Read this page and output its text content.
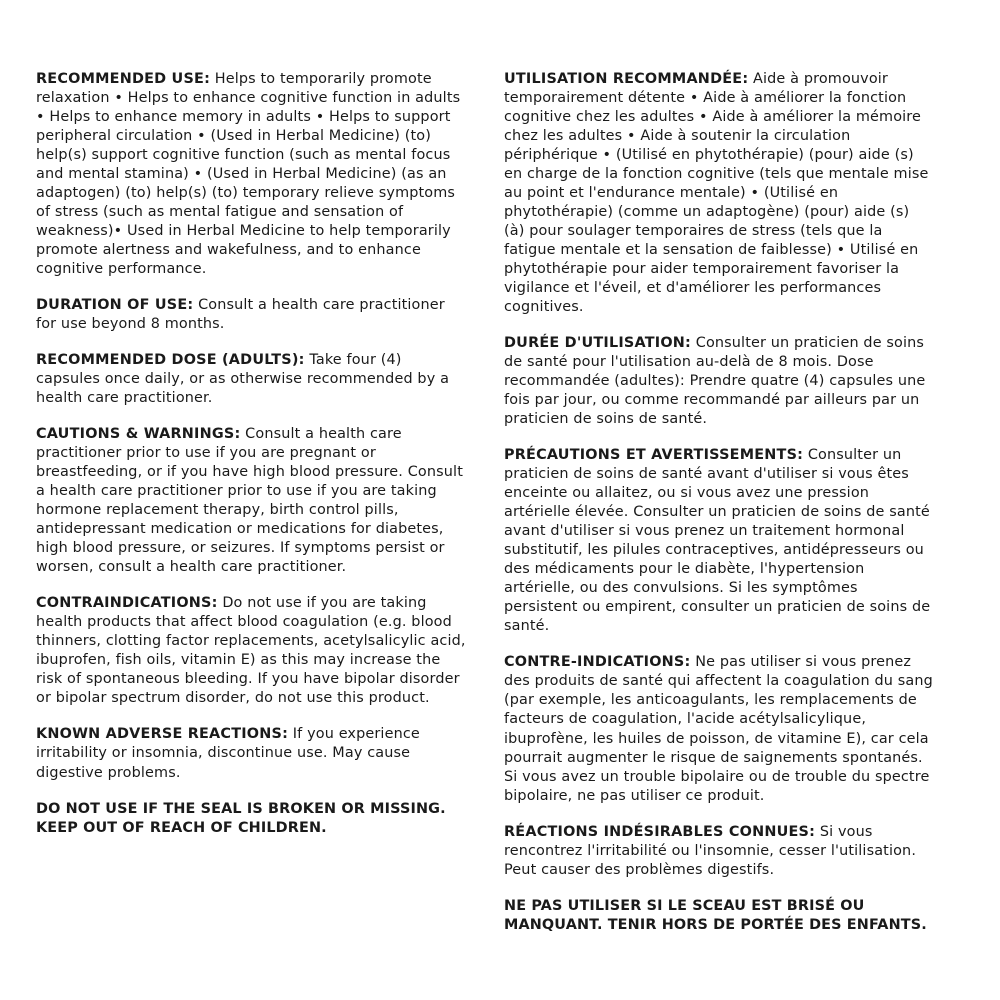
RECOMMENDED USE: Helps to temporarily promote relaxation • Helps to enhance cognitive function in adults • Helps to enhance memory in adults • Helps to support peripheral circulation • (Used in Herbal Medicine) (to) help(s) support cognitive function (such as mental focus and mental stamina) • (Used in Herbal Medicine) (as an adaptogen) (to) help(s) (to) temporary relieve symptoms of stress (such as mental fatigue and sensation of weakness)• Used in Herbal Medicine to help temporarily promote alertness and wakefulness, and to enhance cognitive performance.

DURATION OF USE: Consult a health care practitioner for use beyond 8 months.

RECOMMENDED DOSE (ADULTS): Take four (4) capsules once daily, or as otherwise recommended by a health care practitioner.

CAUTIONS & WARNINGS: Consult a health care practitioner prior to use if you are pregnant or breastfeeding, or if you have high blood pressure. Consult a health care practitioner prior to use if you are taking hormone replacement therapy, birth control pills, antidepressant medication or medications for diabetes, high blood pressure, or seizures. If symptoms persist or worsen, consult a health care practitioner.

CONTRAINDICATIONS: Do not use if you are taking health products that affect blood coagulation (e.g. blood thinners, clotting factor replacements, acetylsalicylic acid, ibuprofen, fish oils, vitamin E) as this may increase the risk of spontaneous bleeding. If you have bipolar disorder or bipolar spectrum disorder, do not use this product.

KNOWN ADVERSE REACTIONS: If you experience irritability or insomnia, discontinue use. May cause digestive problems.

DO NOT USE IF THE SEAL IS BROKEN OR MISSING. KEEP OUT OF REACH OF CHILDREN.

UTILISATION RECOMMANDÉE: Aide à promouvoir temporairement détente • Aide à améliorer la fonction cognitive chez les adultes • Aide à améliorer la mémoire chez les adultes • Aide à soutenir la circulation périphérique • (Utilisé en phytothérapie) (pour) aide (s) en charge de la fonction cognitive (tels que mentale mise au point et l'endurance mentale) • (Utilisé en phytothérapie) (comme un adaptogène) (pour) aide (s) (à) pour soulager temporaires de stress (tels que la fatigue mentale et la sensation de faiblesse) • Utilisé en phytothérapie pour aider temporairement favoriser la vigilance et l'éveil, et d'améliorer les performances cognitives.

DURÉE D'UTILISATION: Consulter un praticien de soins de santé pour l'utilisation au-delà de 8 mois. Dose recommandée (adultes): Prendre quatre (4) capsules une fois par jour, ou comme recommandé par ailleurs par un praticien de soins de santé.

PRÉCAUTIONS ET AVERTISSEMENTS: Consulter un praticien de soins de santé avant d'utiliser si vous êtes enceinte ou allaitez, ou si vous avez une pression artérielle élevée. Consulter un praticien de soins de santé avant d'utiliser si vous prenez un traitement hormonal substitutif, les pilules contraceptives, antidépresseurs ou des médicaments pour le diabète, l'hypertension artérielle, ou des convulsions. Si les symptômes persistent ou empirent, consulter un praticien de soins de santé.

CONTRE-INDICATIONS: Ne pas utiliser si vous prenez des produits de santé qui affectent la coagulation du sang (par exemple, les anticoagulants, les remplacements de facteurs de coagulation, l'acide acétylsalicylique, ibuprofène, les huiles de poisson, de vitamine E), car cela pourrait augmenter le risque de saignements spontanés. Si vous avez un trouble bipolaire ou de trouble du spectre bipolaire, ne pas utiliser ce produit.

RÉACTIONS INDÉSIRABLES CONNUES: Si vous rencontrez l'irritabilité ou l'insomnie, cesser l'utilisation. Peut causer des problèmes digestifs.

NE PAS UTILISER SI LE SCEAU EST BRISÉ OU MANQUANT. TENIR HORS DE PORTÉE DES ENFANTS.
